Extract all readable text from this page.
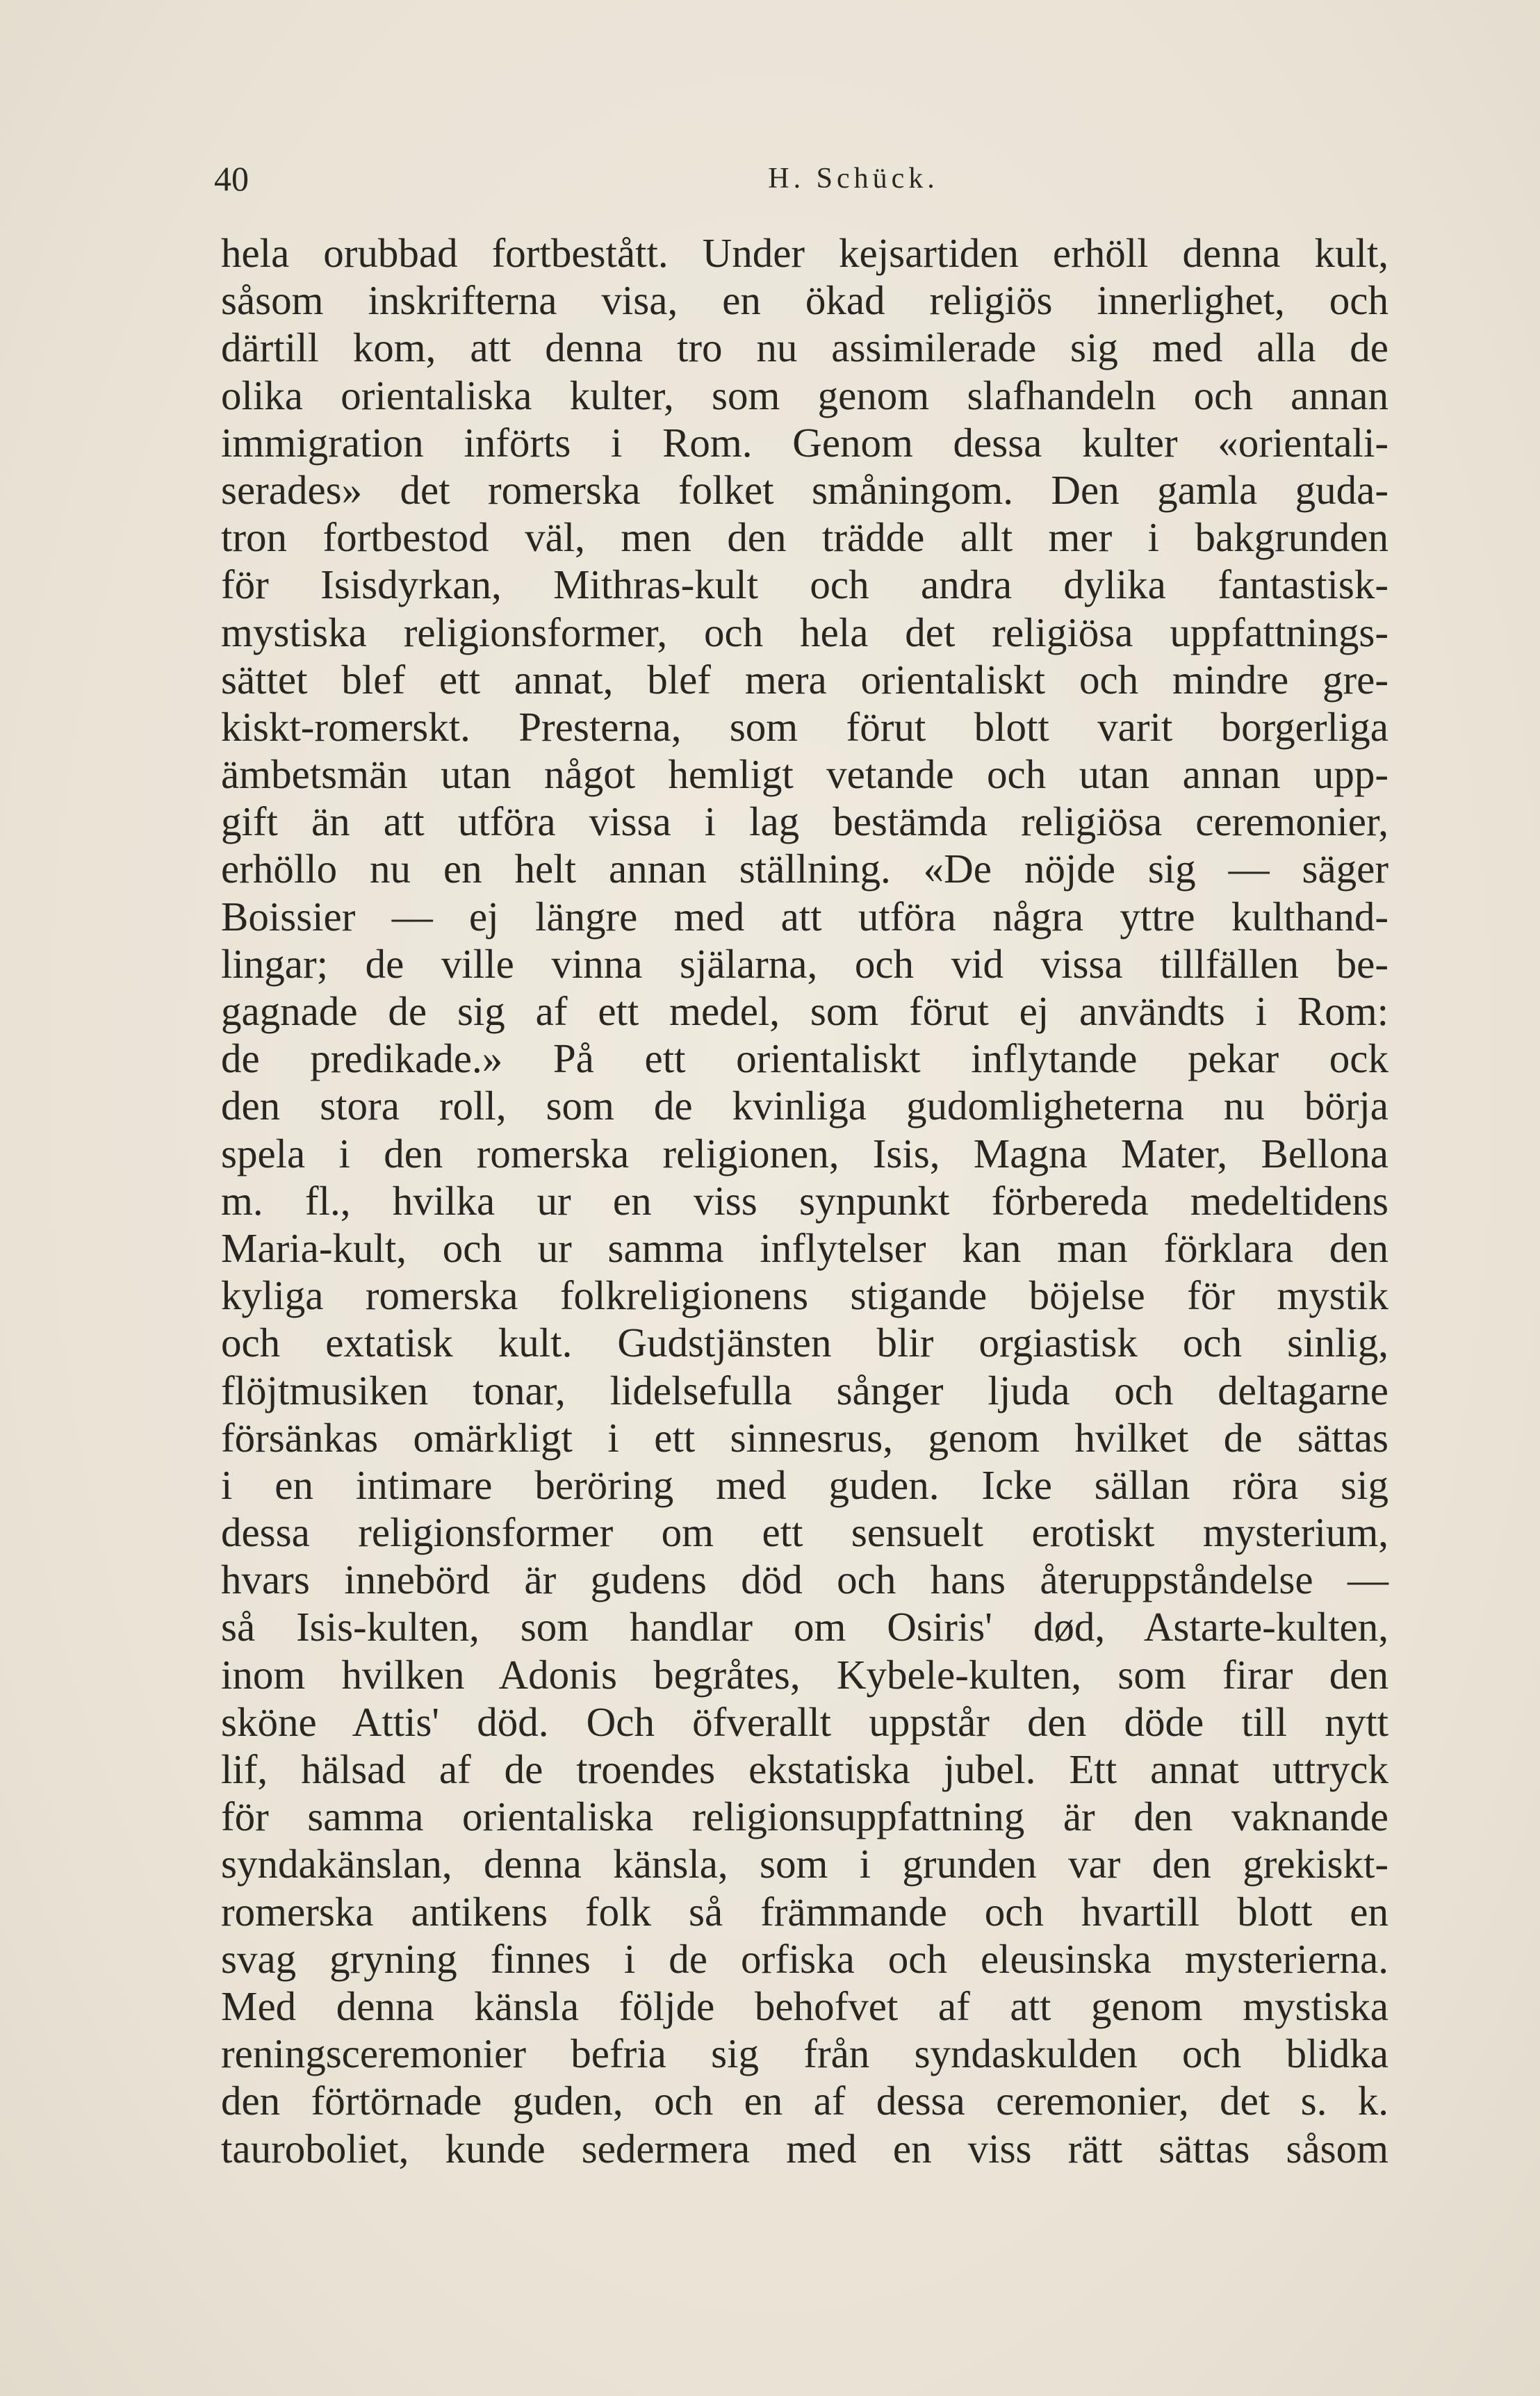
40	H. Schück.
hela orubbad fortbestått. Under kejsartiden erhöll denna kult,
såsom inskrifterna visa, en ökad religiös innerlighet, och
därtill kom, att denna tro nu assimilerade sig med alla de
olika orientaliska kulter, som genom slafhandeln och annan
immigration införts i Rom. Genom dessa kulter «orientali-
serades» det romerska folket småningom. Den gamla guda-
tron fortbestod väl, men den trädde allt mer i bakgrunden
för Isisdyrkan, Mithras-kult och andra dylika fantastisk-
mystiska religionsformer, och hela det religiösa uppfattnings-
sättet blef ett annat, blef mera orientaliskt och mindre gre-
kiskt-romerskt. Presterna, som förut blott varit borgerliga
ämbetsmän utan något hemligt vetande och utan annan upp-
gift än att utföra vissa i lag bestämda religiösa ceremonier,
erhöllo nu en helt annan ställning. «De nöjde sig — säger
Boissier — ej längre med att utföra några yttre kulthand-
lingar; de ville vinna själarna, och vid vissa tillfällen be-
gagnade de sig af ett medel, som förut ej användts i Rom:
de predikade.» På ett orientaliskt inflytande pekar ock
den stora roll, som de kvinliga gudomligheterna nu börja
spela i den romerska religionen, Isis, Magna Mater, Bellona
m. fl., hvilka ur en viss synpunkt förbereda medeltidens
Maria-kult, och ur samma inflytelser kan man förklara den
kyliga romerska folkreligionens stigande böjelse för mystik
och extatisk kult. Gudstjänsten blir orgiastisk och sinlig,
flöjtmusiken tonar, lidelsefulla sånger ljuda och deltagarne
försänkas omärkligt i ett sinnesrus, genom hvilket de sättas
i en intimare beröring med guden. Icke sällan röra sig
dessa religionsformer om ett sensuelt erotiskt mysterium,
hvars innebörd är gudens död och hans återuppståndelse —
så Isis-kulten, som handlar om Osiris' død, Astarte-kulten,
inom hvilken Adonis begråtes, Kybele-kulten, som firar den
sköne Attis' död. Och öfverallt uppstår den döde till nytt
lif, hälsad af de troendes ekstatiska jubel. Ett annat uttryck
för samma orientaliska religionsuppfattning är den vaknande
syndakänslan, denna känsla, som i grunden var den grekiskt-
romerska antikens folk så främmande och hvartill blott en
svag gryning finnes i de orfiska och eleusinska mysterierna.
Med denna känsla följde behofvet af att genom mystiska
reningsceremonier befria sig från syndaskulden och blidka
den förtörnade guden, och en af dessa ceremonier, det s. k.
tauroboliet, kunde sedermera med en viss rätt sättas såsom
